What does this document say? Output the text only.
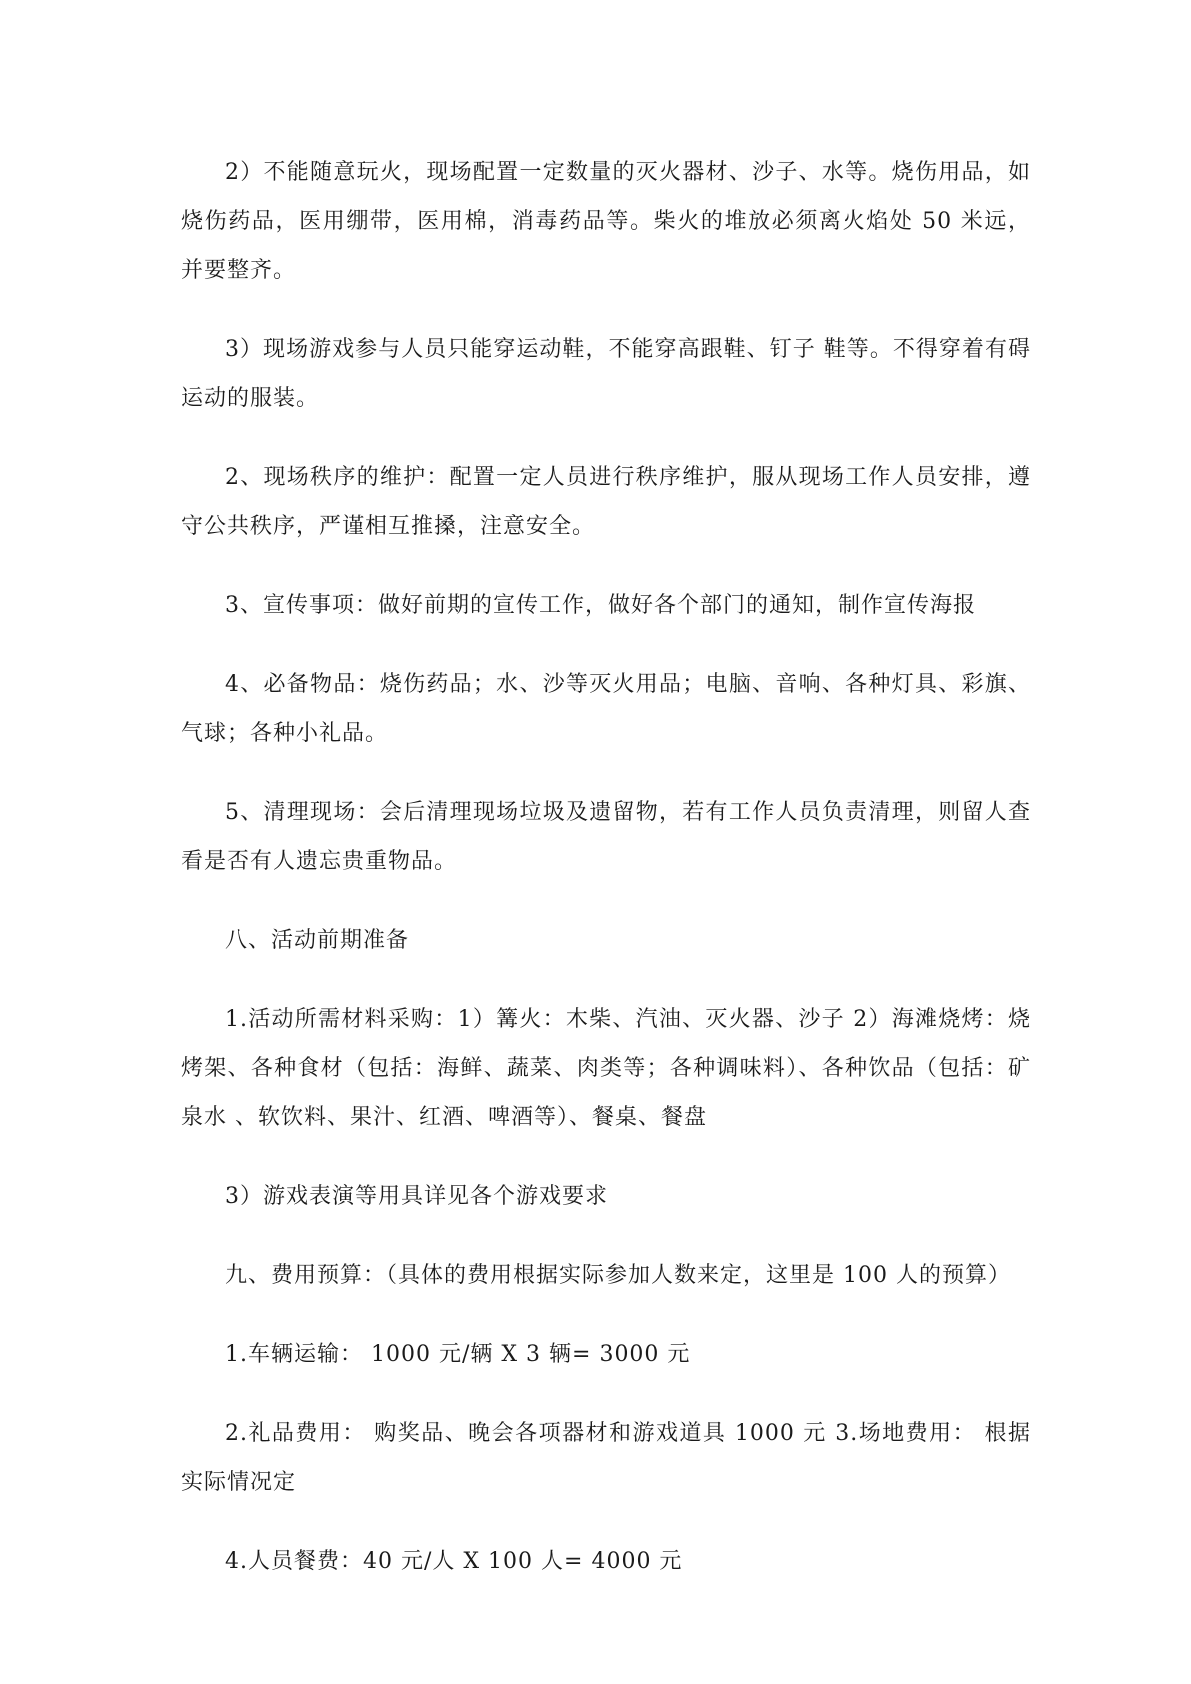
2）不能随意玩火，现场配置一定数量的灭火器材、沙子、水等。烧伤用品，如烧伤药品，医用绷带，医用棉，消毒药品等。柴火的堆放必须离火焰处 50 米远，并要整齐。

3）现场游戏参与人员只能穿运动鞋，不能穿高跟鞋、钉子 鞋等。不得穿着有碍运动的服装。

2、现场秩序的维护：配置一定人员进行秩序维护，服从现场工作人员安排，遵守公共秩序，严谨相互推搡，注意安全。

3、宣传事项：做好前期的宣传工作，做好各个部门的通知，制作宣传海报

4、必备物品：烧伤药品；水、沙等灭火用品；电脑、音响、各种灯具、彩旗、气球；各种小礼品。

5、清理现场：会后清理现场垃圾及遗留物，若有工作人员负责清理，则留人查看是否有人遗忘贵重物品。

八、活动前期准备

1.活动所需材料采购：1）篝火：木柴、汽油、灭火器、沙子 2）海滩烧烤：烧烤架、各种食材（包括：海鲜、蔬菜、肉类等；各种调味料）、各种饮品（包括：矿泉水 、软饮料、果汁、红酒、啤酒等）、餐桌、餐盘

3）游戏表演等用具详见各个游戏要求

九、费用预算：（具体的费用根据实际参加人数来定，这里是 100 人的预算）

1.车辆运输： 1000 元/辆 X 3 辆= 3000 元

2.礼品费用： 购奖品、晚会各项器材和游戏道具 1000 元 3.场地费用： 根据实际情况定

4.人员餐费：40 元/人 X 100 人= 4000 元
